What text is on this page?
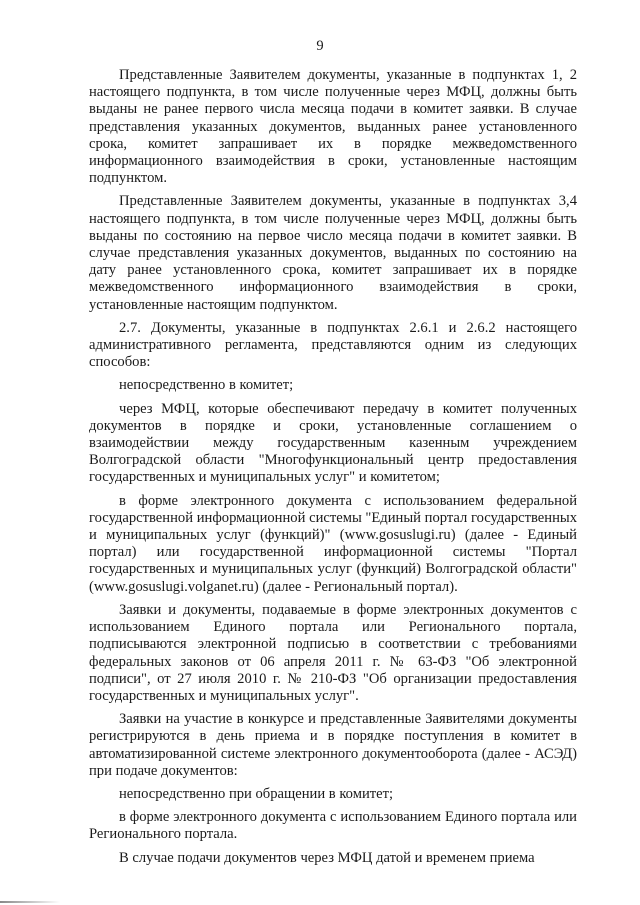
9

Представленные Заявителем документы, указанные в подпунктах 1, 2 настоящего подпункта, в том числе полученные через МФЦ, должны быть выданы не ранее первого числа месяца подачи в комитет заявки. В случае представления указанных документов, выданных ранее установленного срока, комитет запрашивает их в порядке межведомственного информационного взаимодействия в сроки, установленные настоящим подпунктом.

Представленные Заявителем документы, указанные в подпунктах 3,4 настоящего подпункта, в том числе полученные через МФЦ, должны быть выданы по состоянию на первое число месяца подачи в комитет заявки. В случае представления указанных документов, выданных по состоянию на дату ранее установленного срока, комитет запрашивает их в порядке межведомственного информационного взаимодействия в сроки, установленные настоящим подпунктом.

2.7. Документы, указанные в подпунктах 2.6.1 и 2.6.2 настоящего административного регламента, представляются одним из следующих способов:

непосредственно в комитет;

через МФЦ, которые обеспечивают передачу в комитет полученных документов в порядке и сроки, установленные соглашением о взаимодействии между государственным казенным учреждением Волгоградской области "Многофункциональный центр предоставления государственных и муниципальных услуг" и комитетом;

в форме электронного документа с использованием федеральной государственной информационной системы "Единый портал государственных и муниципальных услуг (функций)" (www.gosuslugi.ru) (далее - Единый портал) или государственной информационной системы "Портал государственных и муниципальных услуг (функций) Волгоградской области" (www.gosuslugi.volganet.ru) (далее - Региональный портал).

Заявки и документы, подаваемые в форме электронных документов с использованием Единого портала или Регионального портала, подписываются электронной подписью в соответствии с требованиями федеральных законов от 06 апреля 2011 г. № 63-ФЗ "Об электронной подписи", от 27 июля 2010 г. № 210-ФЗ "Об организации предоставления государственных и муниципальных услуг".

Заявки на участие в конкурсе и представленные Заявителями документы регистрируются в день приема и в порядке поступления в комитет в автоматизированной системе электронного документооборота (далее - АСЭД) при подаче документов:

непосредственно при обращении в комитет;

в форме электронного документа с использованием Единого портала или Регионального портала.

В случае подачи документов через МФЦ датой и временем приема
